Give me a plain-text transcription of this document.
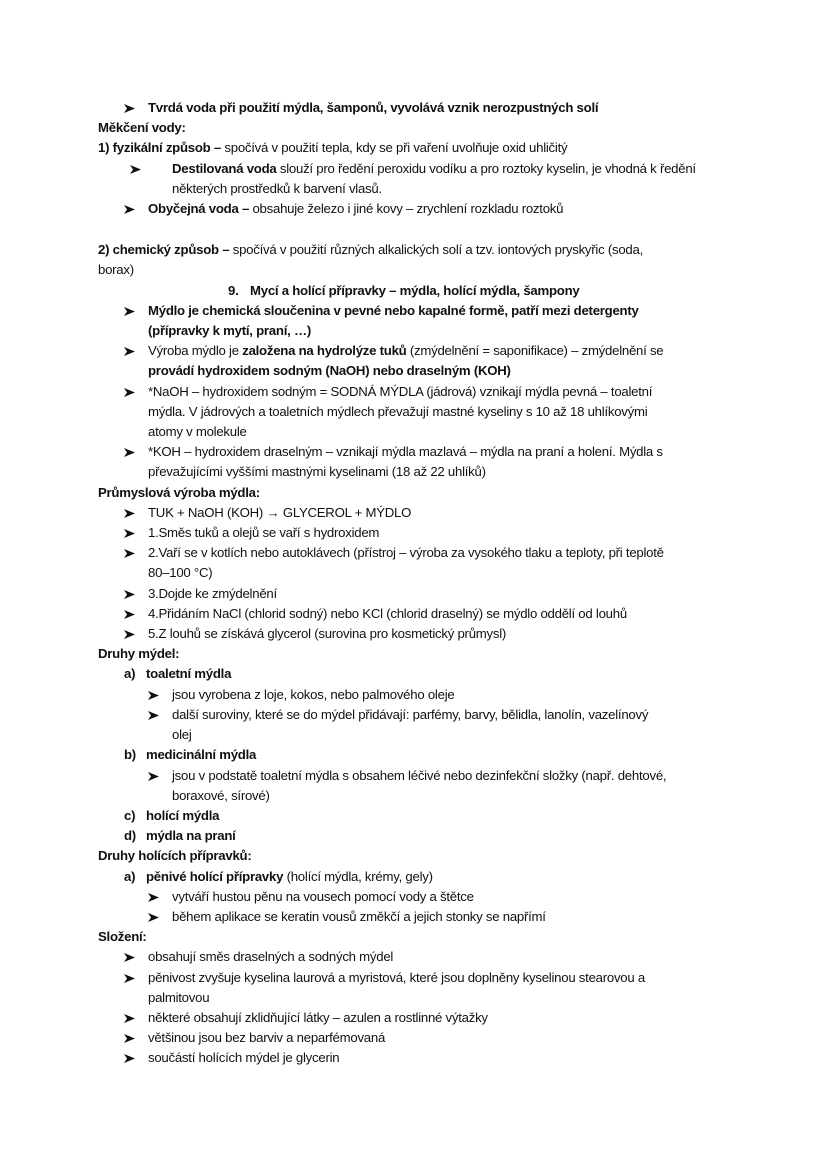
Tvrdá voda při použití mýdla, šamponů, vyvolává vznik nerozpustných solí
Měkčení vody:
1) fyzikální způsob – spočívá v použití tepla, kdy se při vaření uvolňuje oxid uhličitý
Destilovaná voda slouží pro ředění peroxidu vodíku a pro roztoky kyselin, je vhodná k ředění
některých prostředků k barvení vlasů.
Obyčejná voda – obsahuje železo i jiné kovy – zrychlení rozkladu roztoků
2) chemický způsob – spočívá v použití různých alkalických solí a tzv. iontových pryskyřic (soda,
borax)
9. Mycí a holící přípravky – mýdla, holící mýdla, šampony
Mýdlo je chemická sloučenina v pevné nebo kapalné formě, patří mezi detergenty
(přípravky k mytí, praní, …)
Výroba mýdlo je založena na hydrolýze tuků (zmýdelnění = saponifikace) – zmýdelnění se
provádí hydroxidem sodným (NaOH) nebo draselným (KOH)
*NaOH – hydroxidem sodným = SODNÁ MÝDLA (jádrová) vznikají mýdla pevná – toaletní
mýdla. V jádrových a toaletních mýdlech převažují mastné kyseliny s 10 až 18 uhlíkovými
atomy v molekule
*KOH – hydroxidem draselným – vznikají mýdla mazlavá – mýdla na praní a holení. Mýdla s
převažujícími vyššími mastnými kyselinami (18 až 22 uhlíků)
Průmyslová výroba mýdla:
TUK + NaOH (KOH) → GLYCEROL + MÝDLO
1.Směs tuků a olejů se vaří s hydroxidem
2.Vaří se v kotlích nebo autoklávech (přístroj – výroba za vysokého tlaku a teploty, při teplotě
80–100 °C)
3.Dojde ke zmýdelnění
4.Přidáním NaCl (chlorid sodný) nebo KCl (chlorid draselný) se mýdlo oddělí od louhů
5.Z louhů se získává glycerol (surovina pro kosmetický průmysl)
Druhy mýdel:
a) toaletní mýdla
jsou vyrobena z loje, kokos, nebo palmového oleje
další suroviny, které se do mýdel přidávají: parfémy, barvy, bělidla, lanolín, vazelínový
olej
b) medicinální mýdla
jsou v podstatě toaletní mýdla s obsahem léčivé nebo dezinfekční složky (např. dehtové,
boraxové, sírové)
c) holící mýdla
d) mýdla na praní
Druhy holících přípravků:
a) pěnivé holící přípravky (holící mýdla, krémy, gely)
vytváří hustou pěnu na vousech pomocí vody a štětce
během aplikace se keratin vousů změkčí a jejich stonky se napřímí
Složení:
obsahují směs draselných a sodných mýdel
pěnivost zvyšuje kyselina laurová a myristová, které jsou doplněny kyselinou stearovou a
palmitovou
některé obsahují zklidňující látky – azulen a rostlinné výtažky
většinou jsou bez barviv a neparfémovaná
součástí holících mýdel je glycerin
